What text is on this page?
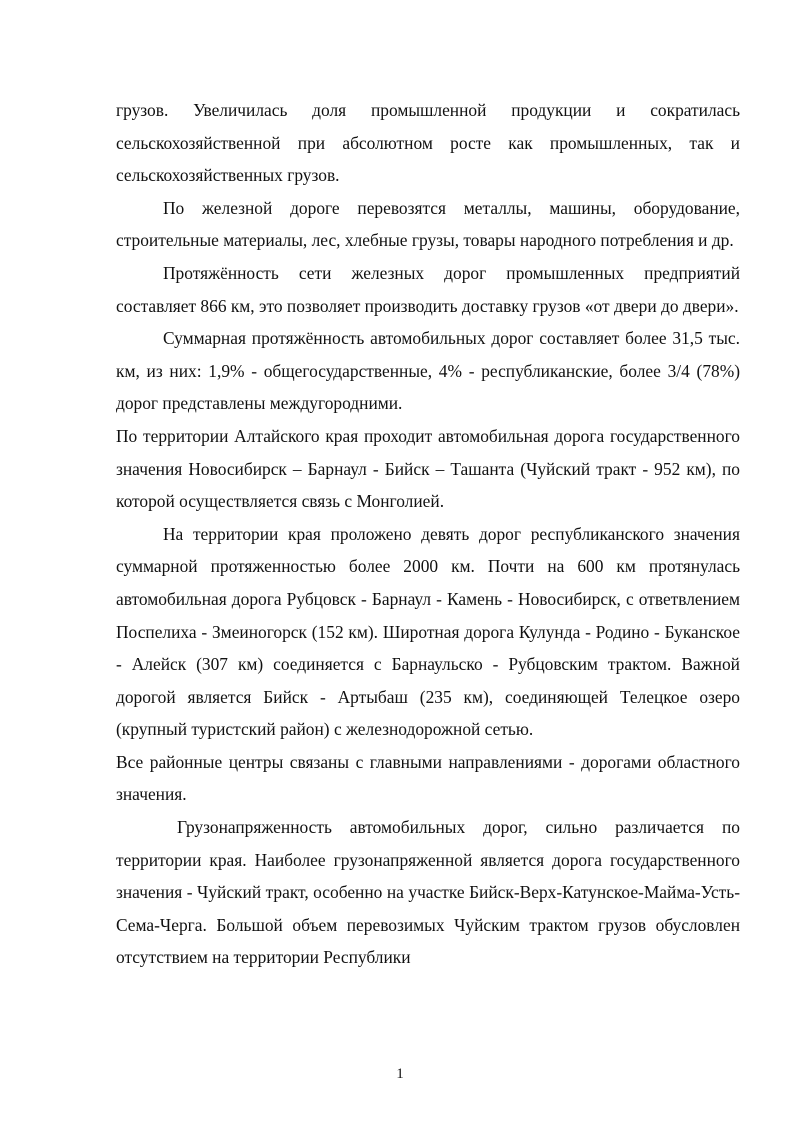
грузов. Увеличилась доля промышленной продукции и сократилась сельскохозяйственной при абсолютном росте как промышленных, так и сельскохозяйственных грузов.

По железной дороге перевозятся металлы, машины, оборудование, строительные материалы, лес, хлебные грузы, товары народного потребления и др.

Протяжённость сети железных дорог промышленных предприятий составляет 866 км, это позволяет производить доставку грузов «от двери до двери».

Суммарная протяжённость автомобильных дорог составляет более 31,5 тыс. км, из них: 1,9% - общегосударственные, 4% - республиканские, более 3/4 (78%) дорог представлены междугородними.

По территории Алтайского края проходит автомобильная дорога государственного значения Новосибирск – Барнаул - Бийск – Ташанта (Чуйский тракт - 952 км), по которой осуществляется связь с Монголией.

На территории края проложено девять дорог республиканского значения суммарной протяженностью более 2000 км. Почти на 600 км протянулась автомобильная дорога Рубцовск - Барнаул - Камень - Новосибирск, с ответвлением Поспелиха - Змеиногорск (152 км). Широтная дорога Кулунда - Родино - Буканское - Алейск (307 км) соединяется с Барнаульско - Рубцовским трактом. Важной дорогой является Бийск - Артыбаш (235 км), соединяющей Телецкое озеро (крупный туристский район) с железнодорожной сетью.

Все районные центры связаны с главными направлениями - дорогами областного значения.

Грузонапряженность автомобильных дорог, сильно различается по территории края. Наиболее грузонапряженной является дорога государственного значения - Чуйский тракт, особенно на участке Бийск-Верх-Катунское-Майма-Усть-Сема-Черга. Большой объем перевозимых Чуйским трактом грузов обусловлен отсутствием на территории Республики

1
